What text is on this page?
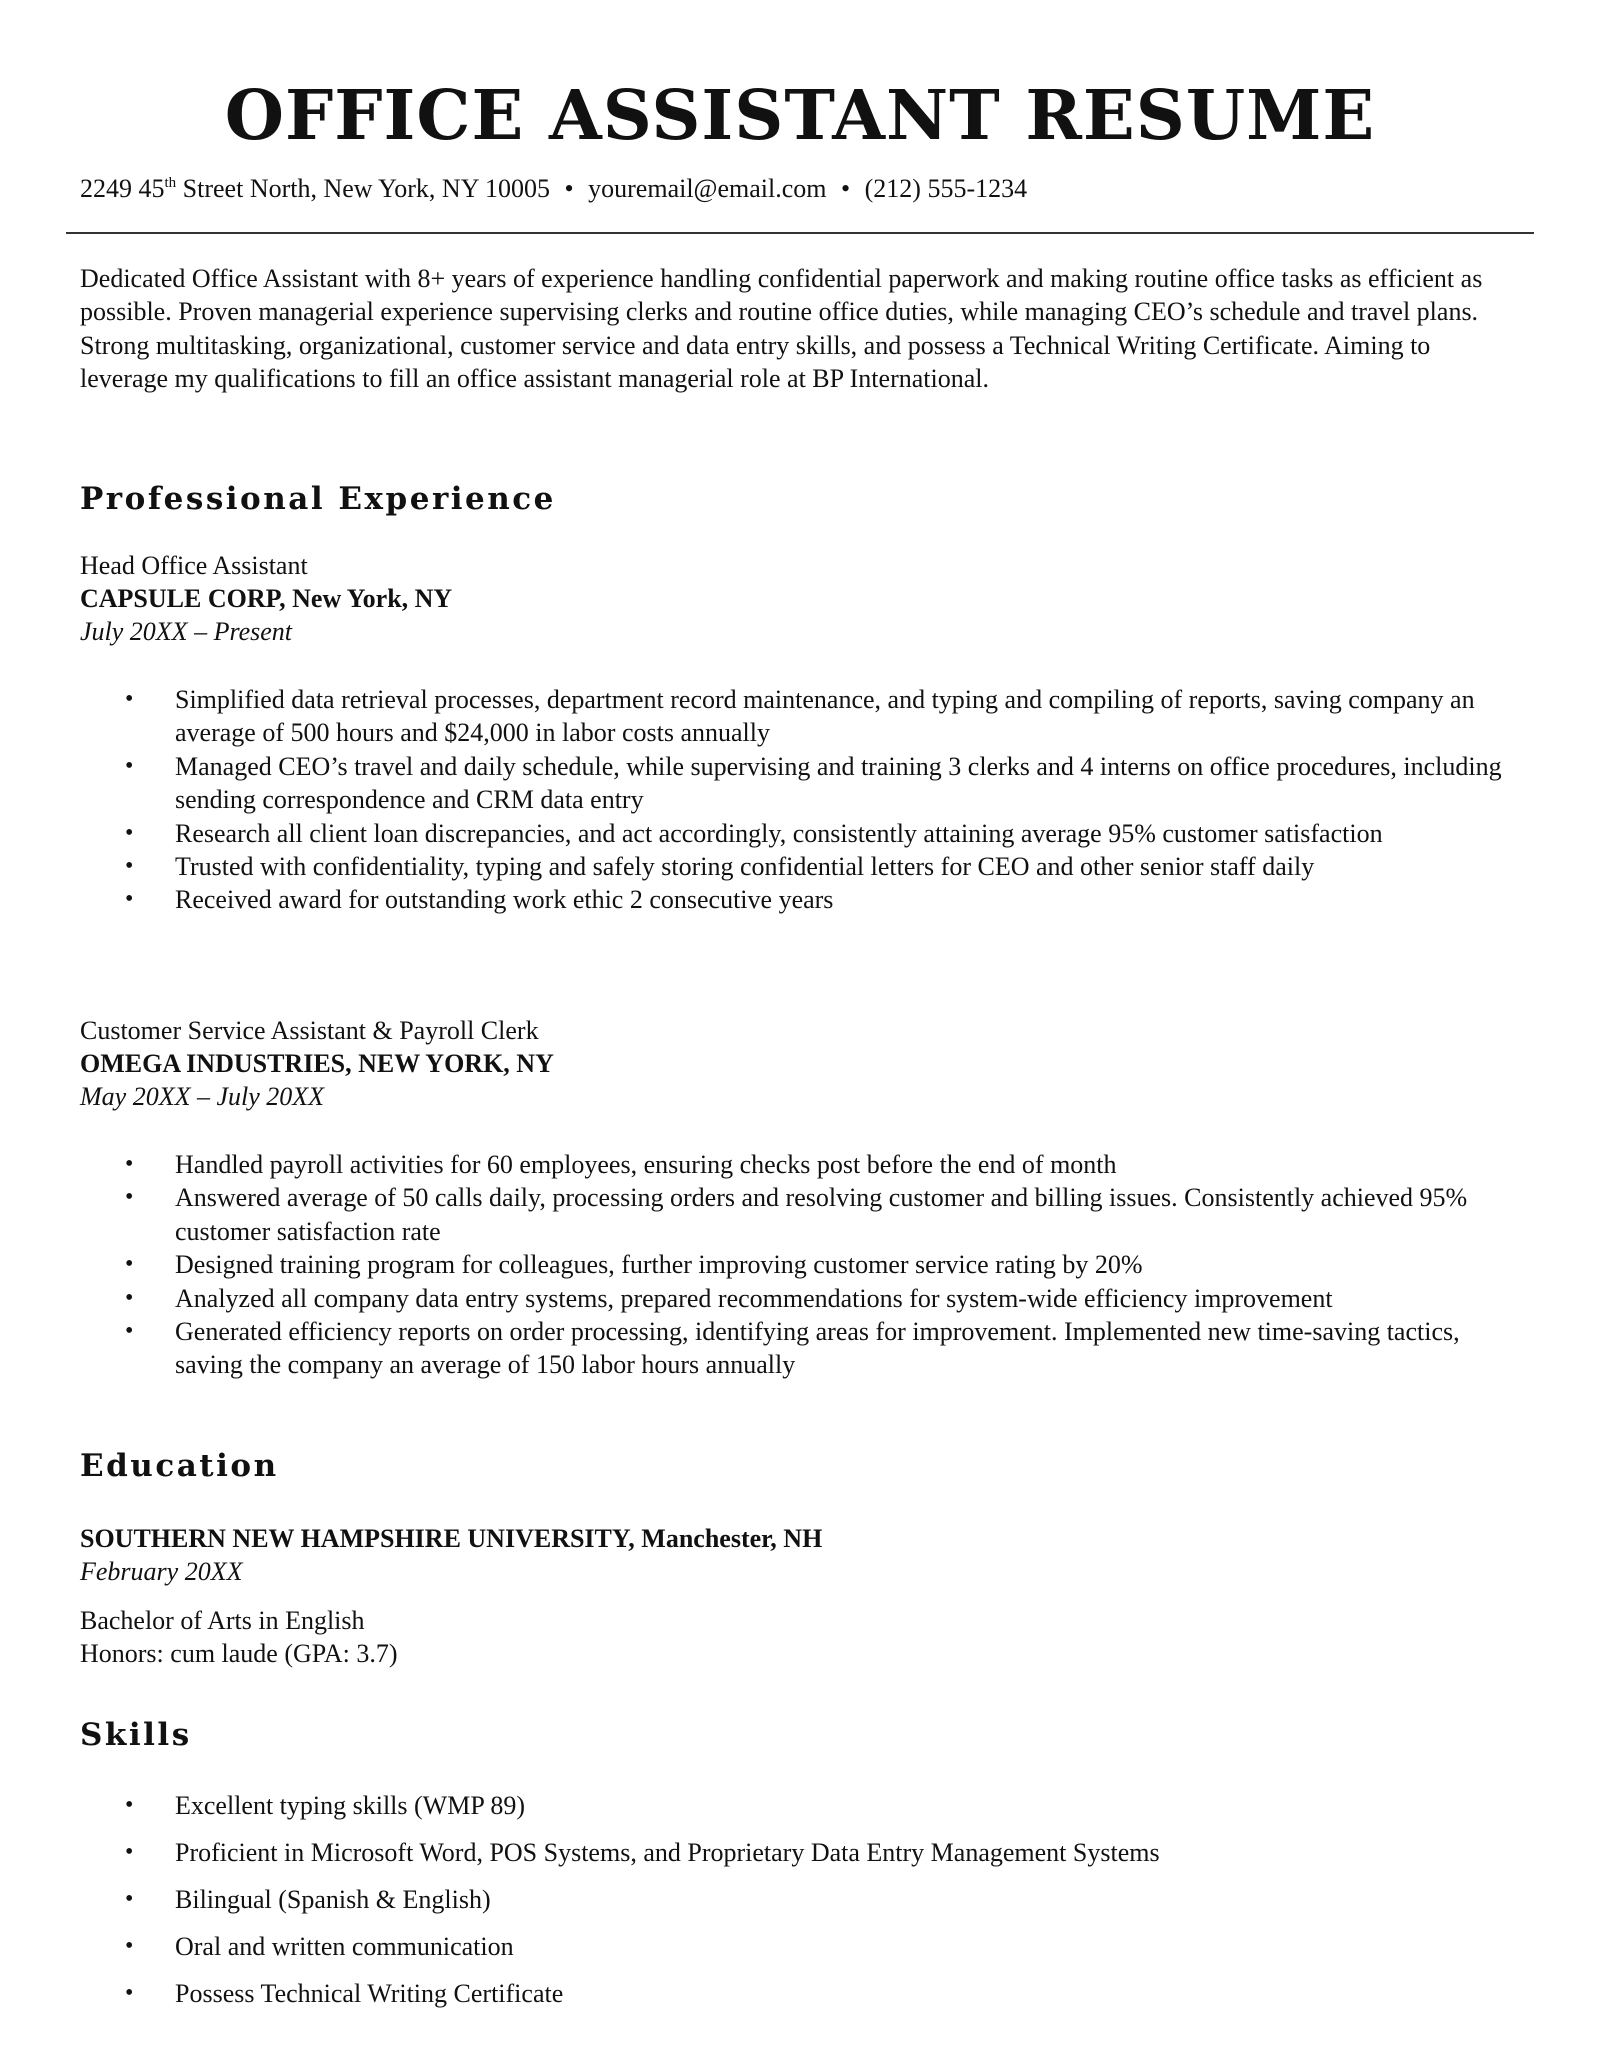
OFFICE ASSISTANT RESUME
2249 45th Street North, New York, NY 10005 • youremail@email.com • (212) 555-1234

Dedicated Office Assistant with 8+ years of experience handling confidential paperwork and making routine office tasks as efficient as possible. Proven managerial experience supervising clerks and routine office duties, while managing CEO’s schedule and travel plans. Strong multitasking, organizational, customer service and data entry skills, and possess a Technical Writing Certificate. Aiming to leverage my qualifications to fill an office assistant managerial role at BP International.

Professional Experience
Head Office Assistant
CAPSULE CORP, New York, NY
July 20XX – Present
• Simplified data retrieval processes, department record maintenance, and typing and compiling of reports, saving company an average of 500 hours and $24,000 in labor costs annually
• Managed CEO’s travel and daily schedule, while supervising and training 3 clerks and 4 interns on office procedures, including sending correspondence and CRM data entry
• Research all client loan discrepancies, and act accordingly, consistently attaining average 95% customer satisfaction
• Trusted with confidentiality, typing and safely storing confidential letters for CEO and other senior staff daily
• Received award for outstanding work ethic 2 consecutive years
Customer Service Assistant & Payroll Clerk
OMEGA INDUSTRIES, NEW YORK, NY
May 20XX – July 20XX
• Handled payroll activities for 60 employees, ensuring checks post before the end of month
• Answered average of 50 calls daily, processing orders and resolving customer and billing issues. Consistently achieved 95% customer satisfaction rate
• Designed training program for colleagues, further improving customer service rating by 20%
• Analyzed all company data entry systems, prepared recommendations for system-wide efficiency improvement
• Generated efficiency reports on order processing, identifying areas for improvement. Implemented new time-saving tactics, saving the company an average of 150 labor hours annually
Education
SOUTHERN NEW HAMPSHIRE UNIVERSITY, Manchester, NH
February 20XX
Bachelor of Arts in English
Honors: cum laude (GPA: 3.7)
Skills
• Excellent typing skills (WMP 89)
• Proficient in Microsoft Word, POS Systems, and Proprietary Data Entry Management Systems
• Bilingual (Spanish & English)
• Oral and written communication
• Possess Technical Writing Certificate
